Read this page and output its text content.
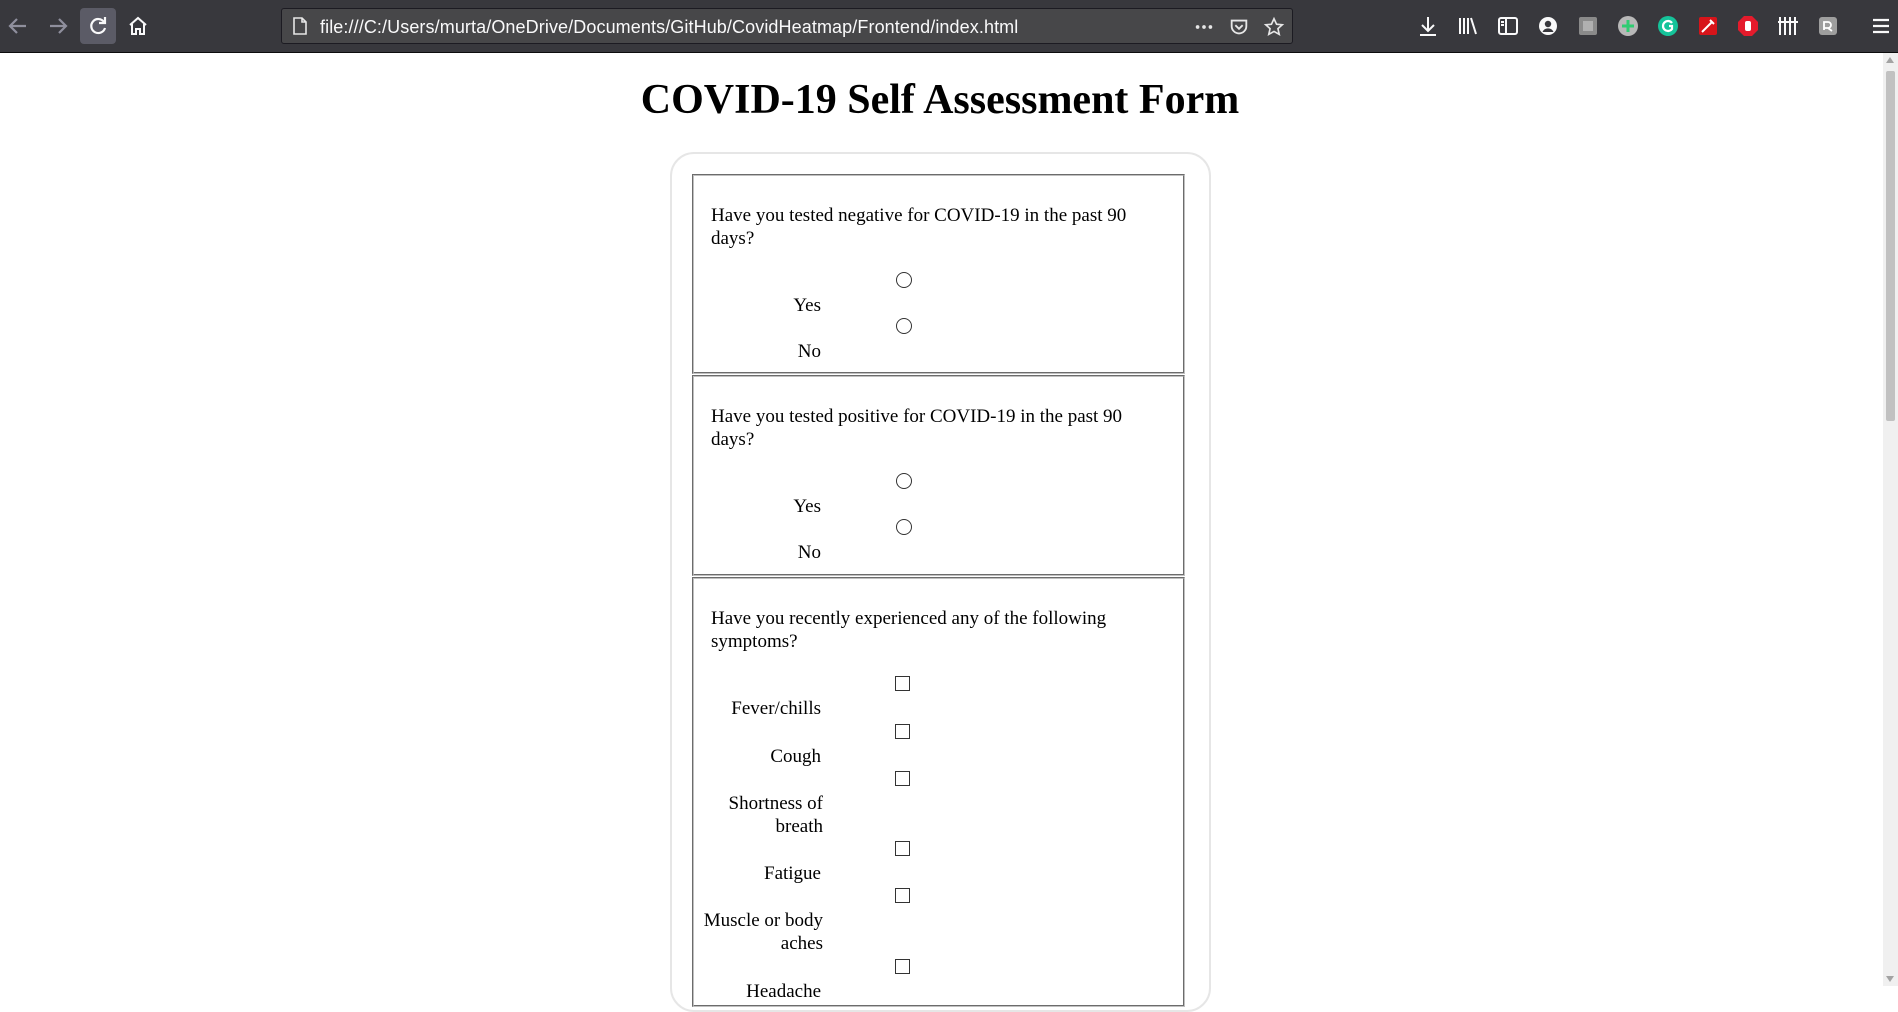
file:///C:/Users/murta/OneDrive/Documents/GitHub/CovidHeatmap/Frontend/index.html
COVID-19 Self Assessment Form
Have you tested negative for COVID-19 in the past 90 days?
Yes
No
Have you tested positive for COVID-19 in the past 90 days?
Yes
No
Have you recently experienced any of the following symptoms?
Fever/chills
Cough
Shortness of breath
Fatigue
Muscle or body aches
Headache
